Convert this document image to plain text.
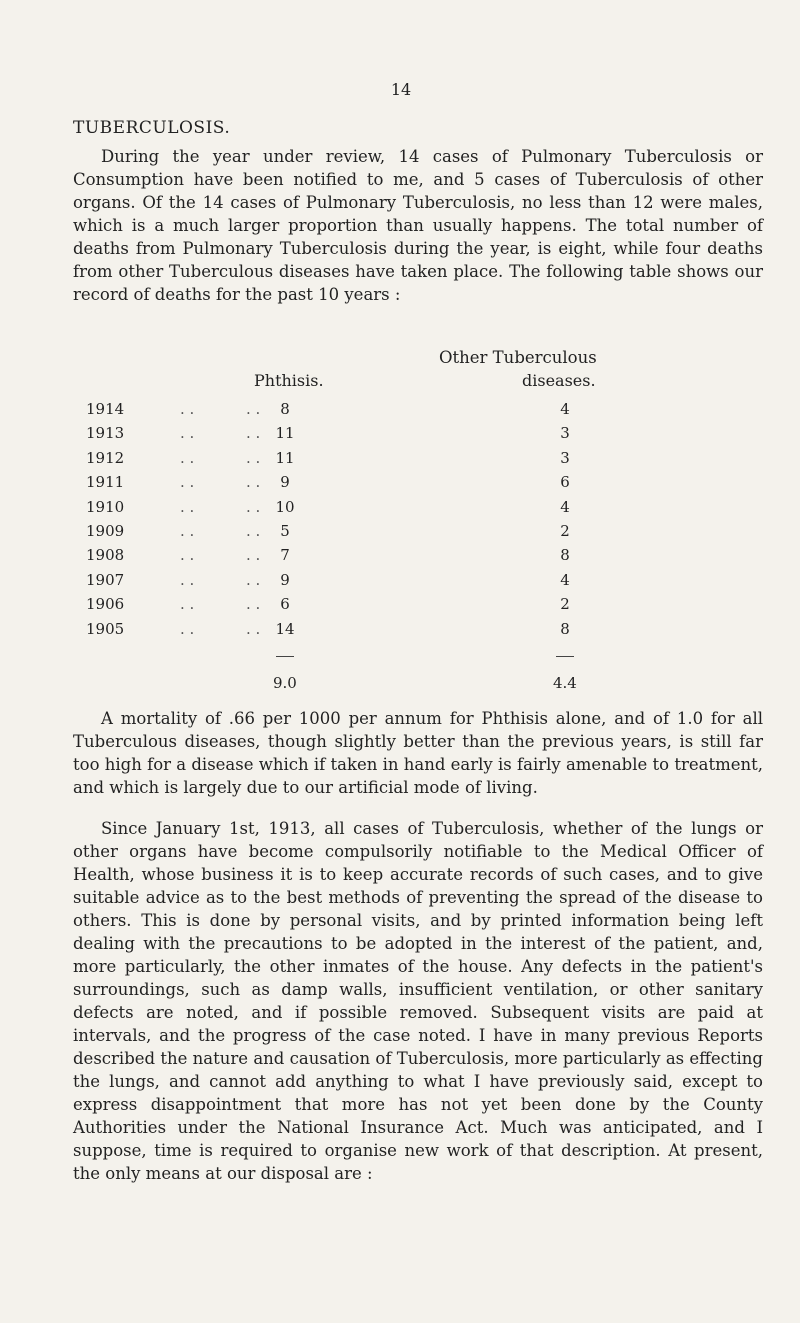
14
TUBERCULOSIS.
During the year under review, 14 cases of Pulmonary Tuberculosis or Consumption have been notified to me, and 5 cases of Tuberculosis of other organs. Of the 14 cases of Pulmonary Tuberculosis, no less than 12 were males, which is a much larger proportion than usually happens. The total number of deaths from Pulmonary Tuberculosis during the year, is eight, while four deaths from other Tuberculous diseases have taken place. The following table shows our record of deaths for the past 10 years :
Other Tuberculous
Phthisis.	diseases.
1914	. .	. .	8	4
1913	. .	. .	11	3
1912	. .	. .	11	3
1911	. .	. .	9	6
1910	. .	. .	10	4
1909	. .	. .	5	2
1908	. .	. .	7	8
1907	. .	. .	9	4
1906	. .	. .	6	2
1905	. .	. .	14	8
9.0	4.4
A mortality of .66 per 1000 per annum for Phthisis alone, and of 1.0 for all Tuberculous diseases, though slightly better than the previous years, is still far too high for a disease which if taken in hand early is fairly amenable to treatment, and which is largely due to our artificial mode of living.
Since January 1st, 1913, all cases of Tuberculosis, whether of the lungs or other organs have become compulsorily notifiable to the Medical Officer of Health, whose business it is to keep accurate records of such cases, and to give suitable advice as to the best methods of preventing the spread of the disease to others. This is done by personal visits, and by printed information being left dealing with the precautions to be adopted in the interest of the patient, and, more particularly, the other inmates of the house. Any defects in the patient's surroundings, such as damp walls, insufficient ventilation, or other sanitary defects are noted, and if possible removed. Subsequent visits are paid at intervals, and the progress of the case noted. I have in many previous Reports described the nature and causation of Tuberculosis, more particularly as effecting the lungs, and cannot add anything to what I have previously said, except to express disappointment that more has not yet been done by the County Authorities under the National Insurance Act. Much was anticipated, and I suppose, time is required to organise new work of that description. At present, the only means at our disposal are :
